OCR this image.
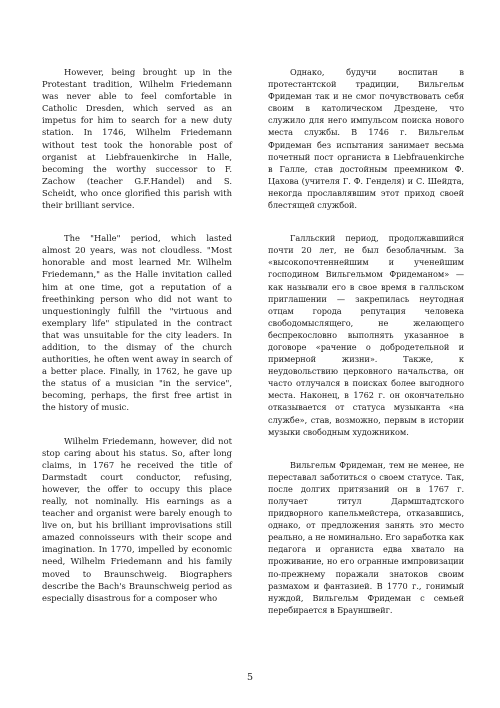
However, being brought up in the Protestant tradition, Wilhelm Friedemann was never able to feel comfortable in Catholic Dresden, which served as an impetus for him to search for a new duty station. In 1746, Wilhelm Friedemann without test took the honorable post of organist at Liebfrauenkirche in Halle, becoming the worthy successor to F. Zachow (teacher G.F.Handel) and S. Scheidt, who once glorified this parish with their brilliant service.

The "Halle" period, which lasted almost 20 years, was not cloudless. "Most honorable and most learned Mr. Wilhelm Friedemann," as the Halle invitation called him at one time, got a reputation of a freethinking person who did not want to unquestioningly fulfill the "virtuous and exemplary life" stipulated in the contract that was unsuitable for the city leaders. In addition, to the dismay of the church authorities, he often went away in search of a better place. Finally, in 1762, he gave up the status of a musician "in the service", becoming, perhaps, the first free artist in the history of music.

Wilhelm Friedemann, however, did not stop caring about his status. So, after long claims, in 1767 he received the title of Darmstadt court conductor, refusing, however, the offer to occupy this place really, not nominally. His earnings as a teacher and organist were barely enough to live on, but his brilliant improvisations still amazed connoisseurs with their scope and imagination. In 1770, impelled by economic need, Wilhelm Friedemann and his family moved to Braunschweig. Biographers describe the Bach's Braunschweig period as especially disastrous for a composer who

Однако, будучи воспитан в протестантской традиции, Вильгельм Фридеман так и не смог почувствовать себя своим в католическом Дрездене, что служило для него импульсом поиска нового места службы. В 1746 г. Вильгельм Фридеман без испытания занимает весьма почетный пост органиста в Liebfrauenkirche в Галле, став достойным преемником Ф. Цахова (учителя Г. Ф. Генделя) и С. Шейдта, некогда прославлявшим этот приход своей блестящей службой.

Галльский период, продолжавшийся почти 20 лет, не был безоблачным. За «высокопочтеннейшим и ученейшим господином Вильгельмом Фридеманом» — как называли его в свое время в галльском приглашении — закрепилась неутодная отцам города репутация человека свободомыслящего, не желающего беспрекословно выполнять указанное в договоре «рачение о добродетельной и примерной жизни». Также, к неудовольствию церковного начальства, он часто отлучался в поисках более выгодного места. Наконец, в 1762 г. он окончательно отказывается от статуса музыканта «на службе», став, возможно, первым в истории музыки свободным художником.

Вильгельм Фридеман, тем не менее, не переставал заботиться о своем статусе. Так, после долгих притязаний он в 1767 г. получает титул Дармштадтского придворного капельмейстера, отказавшись, однако, от предложения занять это место реально, а не номинально. Его заработка как педагога и органиста едва хватало на проживание, но его огранные импровизации по-прежнему поражали знатоков своим размахом и фантазией. В 1770 г., гонимый нуждой, Вильгельм Фридеман с семьей перебирается в Брауншвейг.

5
